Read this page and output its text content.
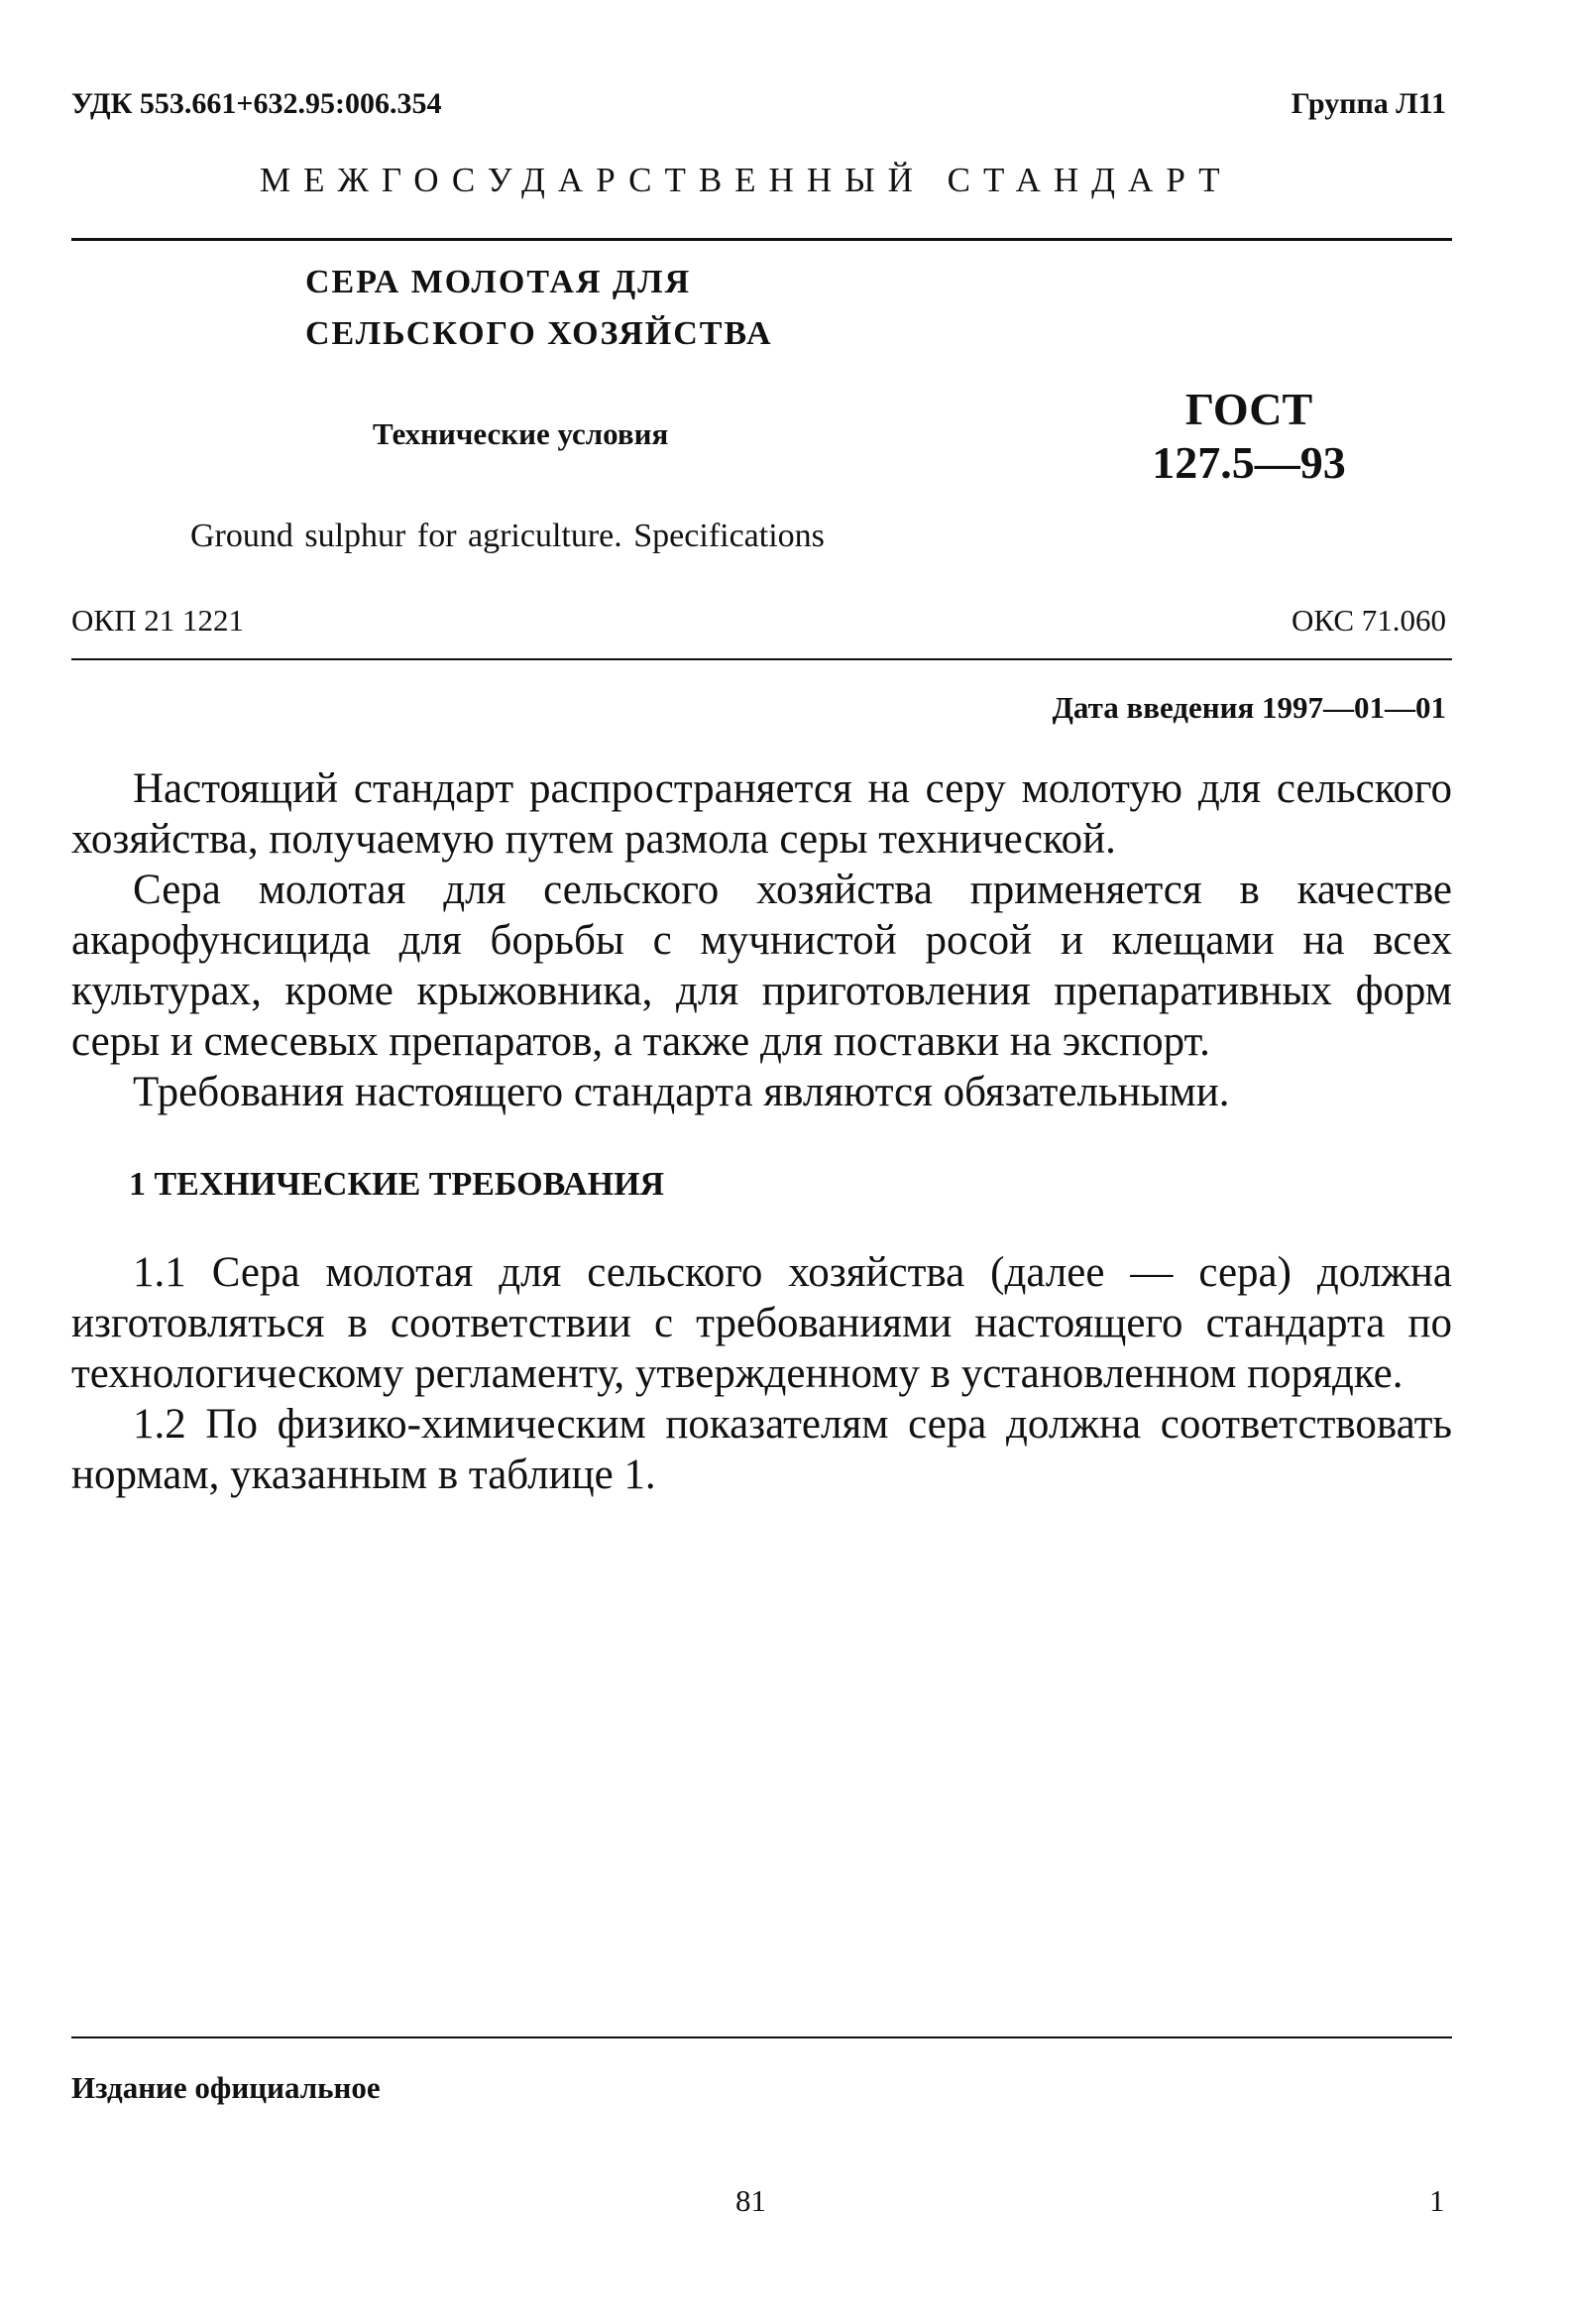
УДК 553.661+632.95:006.354	Группа Л11
МЕЖГОСУДАРСТВЕННЫЙ СТАНДАРТ
СЕРА МОЛОТАЯ ДЛЯ
СЕЛЬСКОГО ХОЗЯЙСТВА
Технические условия	ГОСТ
127.5—93
Ground sulphur for agriculture. Specifications
ОКП 21 1221	ОКС 71.060
Дата введения 1997—01—01

Настоящий стандарт распространяется на серу молотую для сельского хозяйства, получаемую путем размола серы технической.

Сера молотая для сельского хозяйства применяется в качестве акарофунсицида для борьбы с мучнистой росой и клещами на всех культурах, кроме крыжовника, для приготовления препаративных форм серы и смесевых препаратов, а также для поставки на экспорт.

Требования настоящего стандарта являются обязательными.

1 ТЕХНИЧЕСКИЕ ТРЕБОВАНИЯ

1.1 Сера молотая для сельского хозяйства (далее — сера) должна изготовляться в соответствии с требованиями настоящего стандарта по технологическому регламенту, утвержденному в установленном порядке.

1.2 По физико-химическим показателям сера должна соответствовать нормам, указанным в таблице 1.

Издание официальное
81	1
